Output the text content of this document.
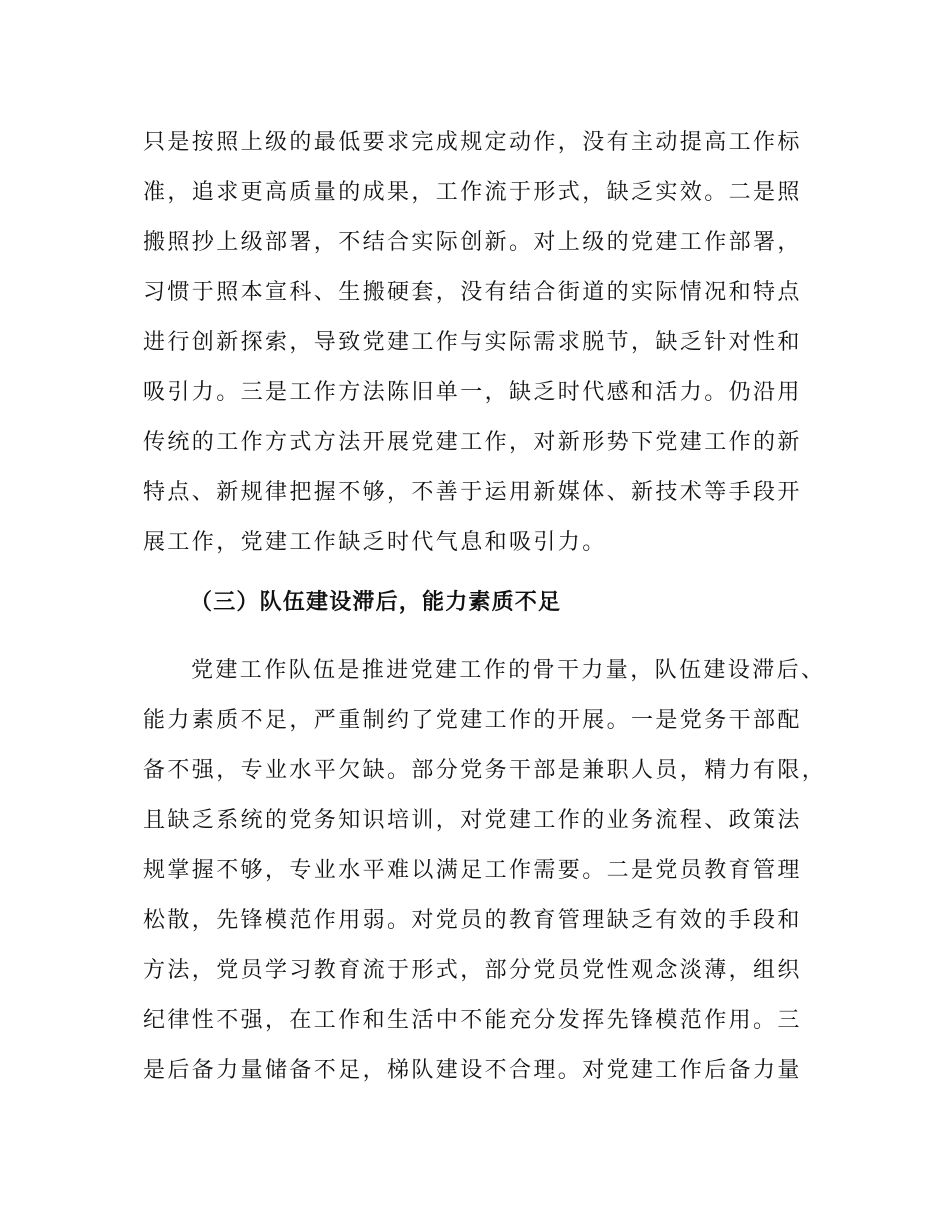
只是按照上级的最低要求完成规定动作，没有主动提高工作标
准，追求更高质量的成果，工作流于形式，缺乏实效。二是照
搬照抄上级部署，不结合实际创新。对上级的党建工作部署，
习惯于照本宣科、生搬硬套，没有结合街道的实际情况和特点
进行创新探索，导致党建工作与实际需求脱节，缺乏针对性和
吸引力。三是工作方法陈旧单一，缺乏时代感和活力。仍沿用
传统的工作方式方法开展党建工作，对新形势下党建工作的新
特点、新规律把握不够，不善于运用新媒体、新技术等手段开
展工作，党建工作缺乏时代气息和吸引力。
（三）队伍建设滞后，能力素质不足
党建工作队伍是推进党建工作的骨干力量，队伍建设滞后、
能力素质不足，严重制约了党建工作的开展。一是党务干部配
备不强，专业水平欠缺。部分党务干部是兼职人员，精力有限，
且缺乏系统的党务知识培训，对党建工作的业务流程、政策法
规掌握不够，专业水平难以满足工作需要。二是党员教育管理
松散，先锋模范作用弱。对党员的教育管理缺乏有效的手段和
方法，党员学习教育流于形式，部分党员党性观念淡薄，组织
纪律性不强，在工作和生活中不能充分发挥先锋模范作用。三
是后备力量储备不足，梯队建设不合理。对党建工作后备力量
